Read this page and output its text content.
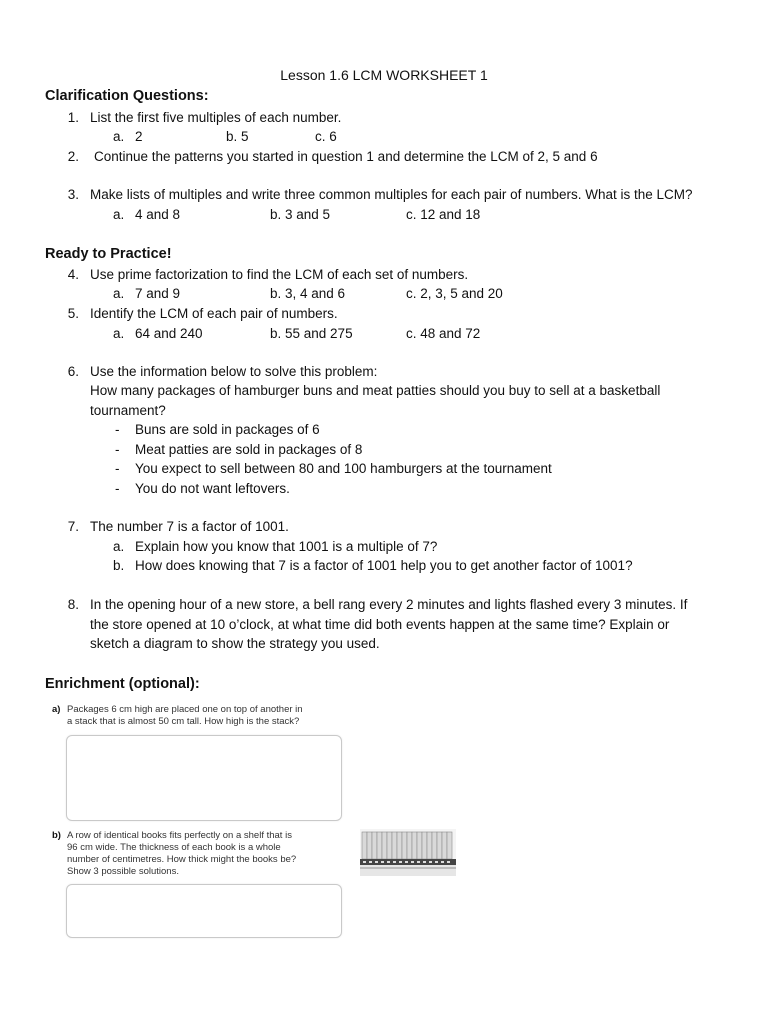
Lesson 1.6 LCM WORKSHEET 1
Clarification Questions:
1. List the first five multiples of each number.
a. 2	b. 5	c. 6
2. Continue the patterns you started in question 1 and determine the LCM of 2, 5 and 6
3. Make lists of multiples and write three common multiples for each pair of numbers. What is the LCM?
a. 4 and 8	b. 3 and 5	c. 12 and 18
Ready to Practice!
4. Use prime factorization to find the LCM of each set of numbers.
a. 7 and 9	b. 3, 4 and 6	c. 2, 3, 5 and 20
5. Identify the LCM of each pair of numbers.
a. 64 and 240	b. 55 and 275	c. 48 and 72
6. Use the information below to solve this problem:
How many packages of hamburger buns and meat patties should you buy to sell at a basketball
tournament?
-	Buns are sold in packages of 6
-	Meat patties are sold in packages of 8
-	You expect to sell between 80 and 100 hamburgers at the tournament
-	You do not want leftovers.
7. The number 7 is a factor of 1001.
a. Explain how you know that 1001 is a multiple of 7?
b. How does knowing that 7 is a factor of 1001 help you to get another factor of 1001?
8. In the opening hour of a new store, a bell rang every 2 minutes and lights flashed every 3 minutes. If
the store opened at 10 o’clock, at what time did both events happen at the same time? Explain or
sketch a diagram to show the strategy you used.
Enrichment (optional):
a) Packages 6 cm high are placed one on top of another in
a stack that is almost 50 cm tall. How high is the stack?
b) A row of identical books fits perfectly on a shelf that is
96 cm wide. The thickness of each book is a whole
number of centimetres. How thick might the books be?
Show 3 possible solutions.
